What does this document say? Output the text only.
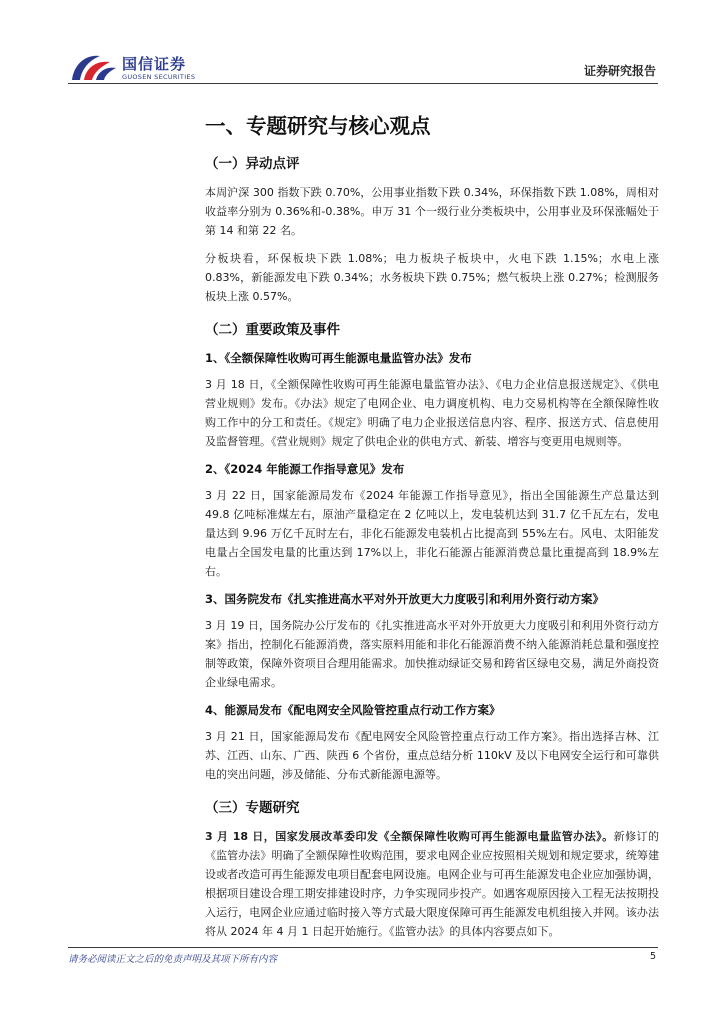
国信证券
GUOSEN SECURITIES	证券研究报告
一、专题研究与核心观点
（一）异动点评

本周沪深 300 指数下跌 0.70%，公用事业指数下跌 0.34%，环保指数下跌 1.08%，周相对收益率分别为 0.36%和-0.38%。申万 31 个一级行业分类板块中，公用事业及环保涨幅处于第 14 和第 22 名。

分板块看，环保板块下跌 1.08%；电力板块子板块中，火电下跌 1.15%；水电上涨 0.83%，新能源发电下跌 0.34%；水务板块下跌 0.75%；燃气板块上涨 0.27%；检测服务板块上涨 0.57%。

（二）重要政策及事件
1、《全额保障性收购可再生能源电量监管办法》发布

3 月 18 日，《全额保障性收购可再生能源电量监管办法》、《电力企业信息报送规定》、《供电营业规则》发布。《办法》规定了电网企业、电力调度机构、电力交易机构等在全额保障性收购工作中的分工和责任。《规定》明确了电力企业报送信息内容、程序、报送方式、信息使用及监督管理。《营业规则》规定了供电企业的供电方式、新装、增容与变更用电规则等。

2、《2024 年能源工作指导意见》发布

3 月 22 日，国家能源局发布《2024 年能源工作指导意见》，指出全国能源生产总量达到 49.8 亿吨标准煤左右，原油产量稳定在 2 亿吨以上，发电装机达到 31.7 亿千瓦左右，发电量达到 9.96 万亿千瓦时左右，非化石能源发电装机占比提高到 55%左右。风电、太阳能发电量占全国发电量的比重达到 17%以上，非化石能源占能源消费总量比重提高到 18.9%左右。

3、国务院发布《扎实推进高水平对外开放更大力度吸引和利用外资行动方案》

3 月 19 日，国务院办公厅发布的《扎实推进高水平对外开放更大力度吸引和利用外资行动方案》指出，控制化石能源消费，落实原料用能和非化石能源消费不纳入能源消耗总量和强度控制等政策，保障外资项目合理用能需求。加快推动绿证交易和跨省区绿电交易，满足外商投资企业绿电需求。

4、能源局发布《配电网安全风险管控重点行动工作方案》

3 月 21 日，国家能源局发布《配电网安全风险管控重点行动工作方案》。指出选择吉林、江苏、江西、山东、广西、陕西 6 个省份，重点总结分析 110kV 及以下电网安全运行和可靠供电的突出问题，涉及储能、分布式新能源电源等。

（三）专题研究

3 月 18 日，国家发展改革委印发《全额保障性收购可再生能源电量监管办法》。新修订的《监管办法》明确了全额保障性收购范围，要求电网企业应按照相关规划和规定要求，统筹建设或者改造可再生能源发电项目配套电网设施。电网企业与可再生能源发电企业应加强协调，根据项目建设合理工期安排建设时序，力争实现同步投产。如遇客观原因接入工程无法按期投入运行，电网企业应通过临时接入等方式最大限度保障可再生能源发电机组接入并网。该办法将从 2024 年 4 月 1 日起开始施行。《监管办法》的具体内容要点如下。

请务必阅读正文之后的免责声明及其项下所有内容	5
